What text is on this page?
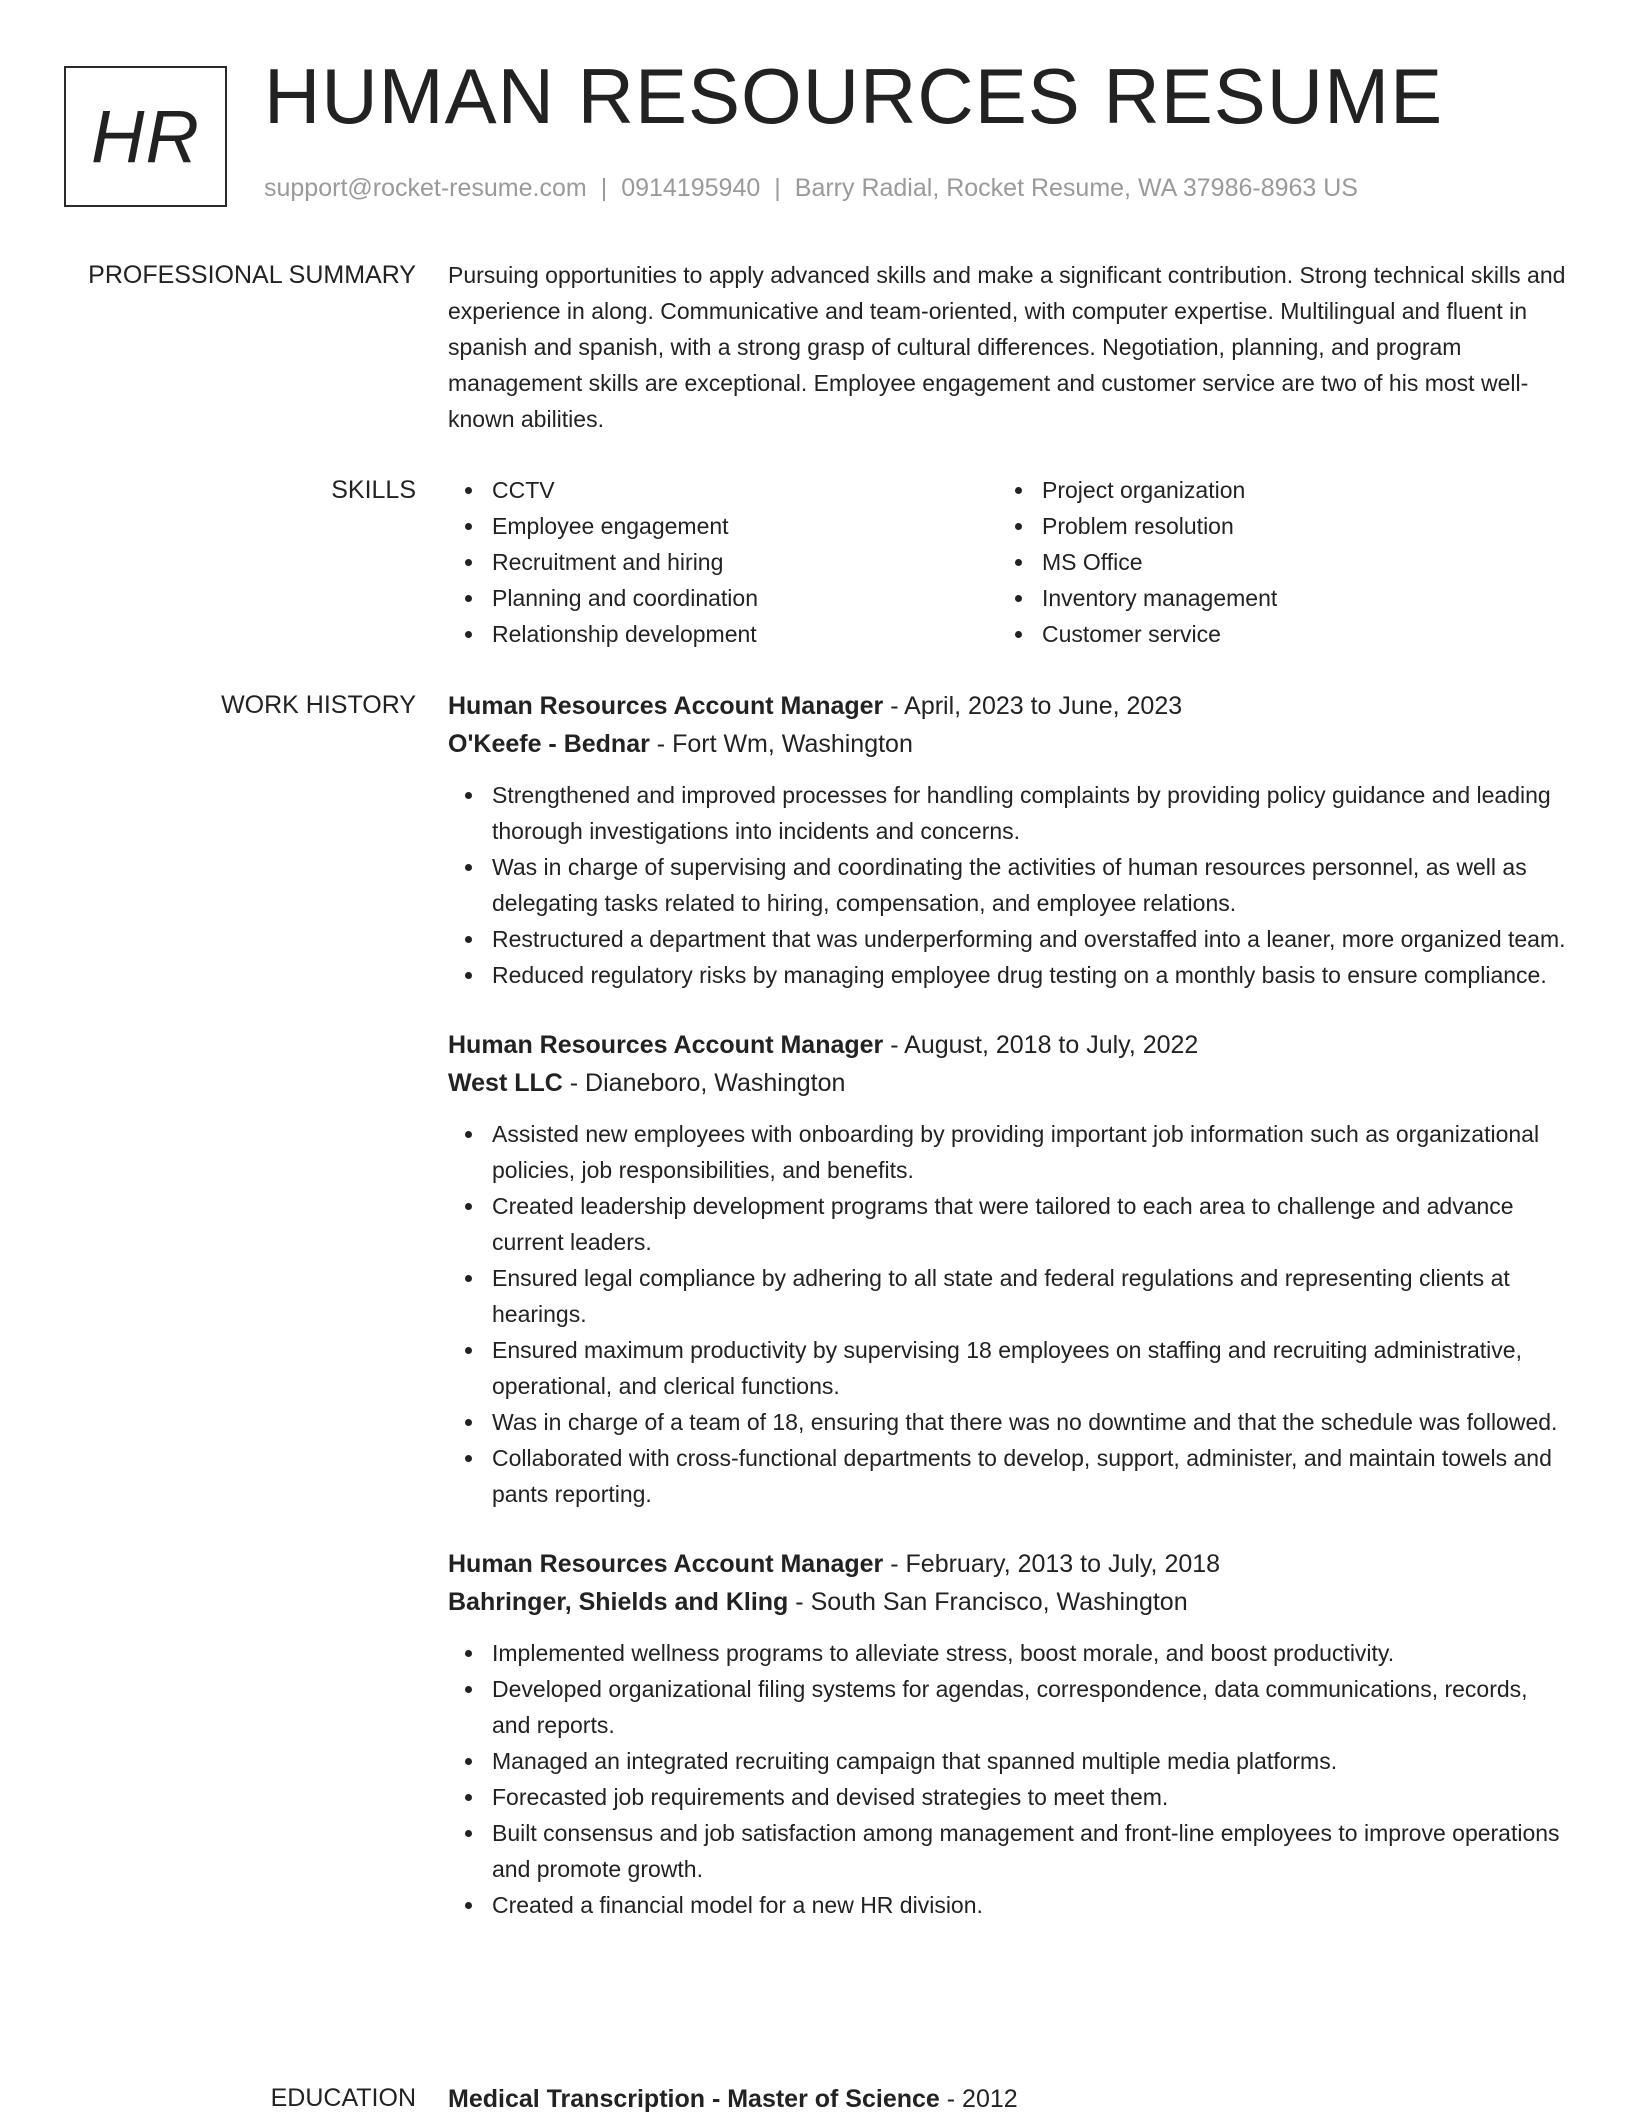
HR HUMAN RESOURCES RESUME
support@rocket-resume.com | 0914195940 | Barry Radial, Rocket Resume, WA 37986-8963 US
PROFESSIONAL SUMMARY Pursuing opportunities to apply advanced skills and make a significant contribution. Strong technical skills and experience in along. Communicative and team-oriented, with computer expertise. Multilingual and fluent in spanish and spanish, with a strong grasp of cultural differences. Negotiation, planning, and program management skills are exceptional. Employee engagement and customer service are two of his most well-known abilities.

SKILLS	CCTV
Employee engagement
Recruitment and hiring
Planning and coordination
Relationship development
Project organization
Problem resolution
MS Office
Inventory management
Customer service
WORK HISTORY Human Resources Account Manager - April, 2023 to June, 2023
O'Keefe - Bednar - Fort Wm, Washington
Strengthened and improved processes for handling complaints by providing policy guidance and leading thorough investigations into incidents and concerns.
Was in charge of supervising and coordinating the activities of human resources personnel, as well as delegating tasks related to hiring, compensation, and employee relations.
Restructured a department that was underperforming and overstaffed into a leaner, more organized team.
Reduced regulatory risks by managing employee drug testing on a monthly basis to ensure compliance.
Human Resources Account Manager - August, 2018 to July, 2022
West LLC - Dianeboro, Washington
Assisted new employees with onboarding by providing important job information such as organizational policies, job responsibilities, and benefits.
Created leadership development programs that were tailored to each area to challenge and advance current leaders.
Ensured legal compliance by adhering to all state and federal regulations and representing clients at hearings.
Ensured maximum productivity by supervising 18 employees on staffing and recruiting administrative, operational, and clerical functions.
Was in charge of a team of 18, ensuring that there was no downtime and that the schedule was followed.
Collaborated with cross-functional departments to develop, support, administer, and maintain towels and pants reporting.
Human Resources Account Manager - February, 2013 to July, 2018
Bahringer, Shields and Kling - South San Francisco, Washington
Implemented wellness programs to alleviate stress, boost morale, and boost productivity.
Developed organizational filing systems for agendas, correspondence, data communications, records, and reports.
Managed an integrated recruiting campaign that spanned multiple media platforms.
Forecasted job requirements and devised strategies to meet them.
Built consensus and job satisfaction among management and front-line employees to improve operations and promote growth.
Created a financial model for a new HR division.
EDUCATION Medical Transcription - Master of Science - 2012
